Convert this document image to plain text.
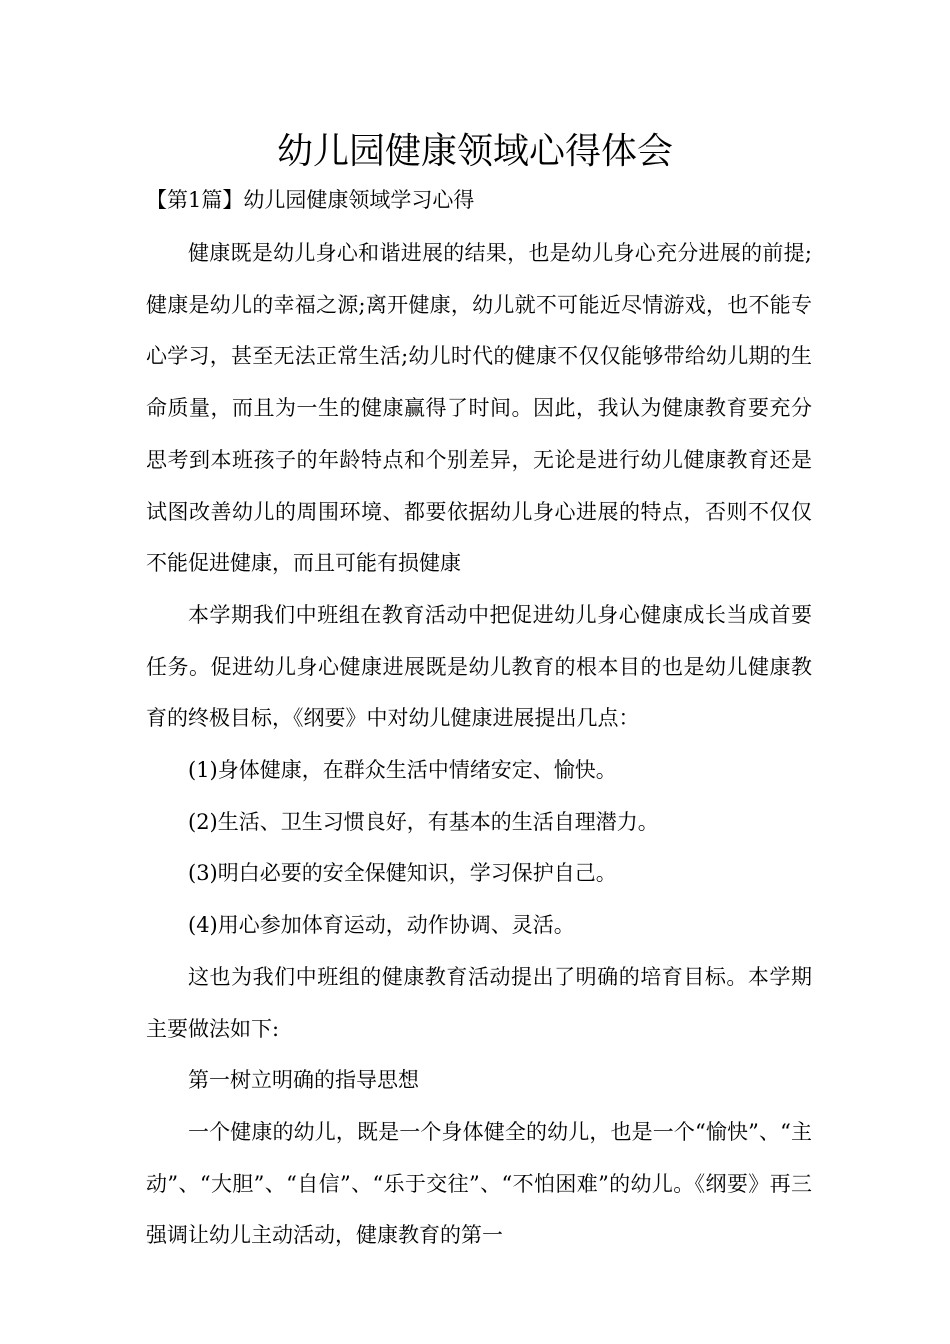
幼儿园健康领域心得体会

【第1篇】幼儿园健康领域学习心得

健康既是幼儿身心和谐进展的结果，也是幼儿身心充分进展的前提;健康是幼儿的幸福之源;离开健康，幼儿就不可能近尽情游戏，也不能专心学习，甚至无法正常生活;幼儿时代的健康不仅仅能够带给幼儿期的生命质量，而且为一生的健康赢得了时间。因此，我认为健康教育要充分思考到本班孩子的年龄特点和个别差异，无论是进行幼儿健康教育还是试图改善幼儿的周围环境、都要依据幼儿身心进展的特点，否则不仅仅不能促进健康，而且可能有损健康

本学期我们中班组在教育活动中把促进幼儿身心健康成长当成首要任务。促进幼儿身心健康进展既是幼儿教育的根本目的也是幼儿健康教育的终极目标，《纲要》中对幼儿健康进展提出几点：

(1)身体健康，在群众生活中情绪安定、愉快。

(2)生活、卫生习惯良好，有基本的生活自理潜力。

(3)明白必要的安全保健知识，学习保护自己。

(4)用心参加体育运动，动作协调、灵活。

这也为我们中班组的健康教育活动提出了明确的培育目标。本学期主要做法如下:

第一树立明确的指导思想

一个健康的幼儿，既是一个身体健全的幼儿，也是一个“愉快”、“主动”、“大胆”、“自信”、“乐于交往”、“不怕困难”的幼儿。《纲要》再三强调让幼儿主动活动，健康教育的第一
